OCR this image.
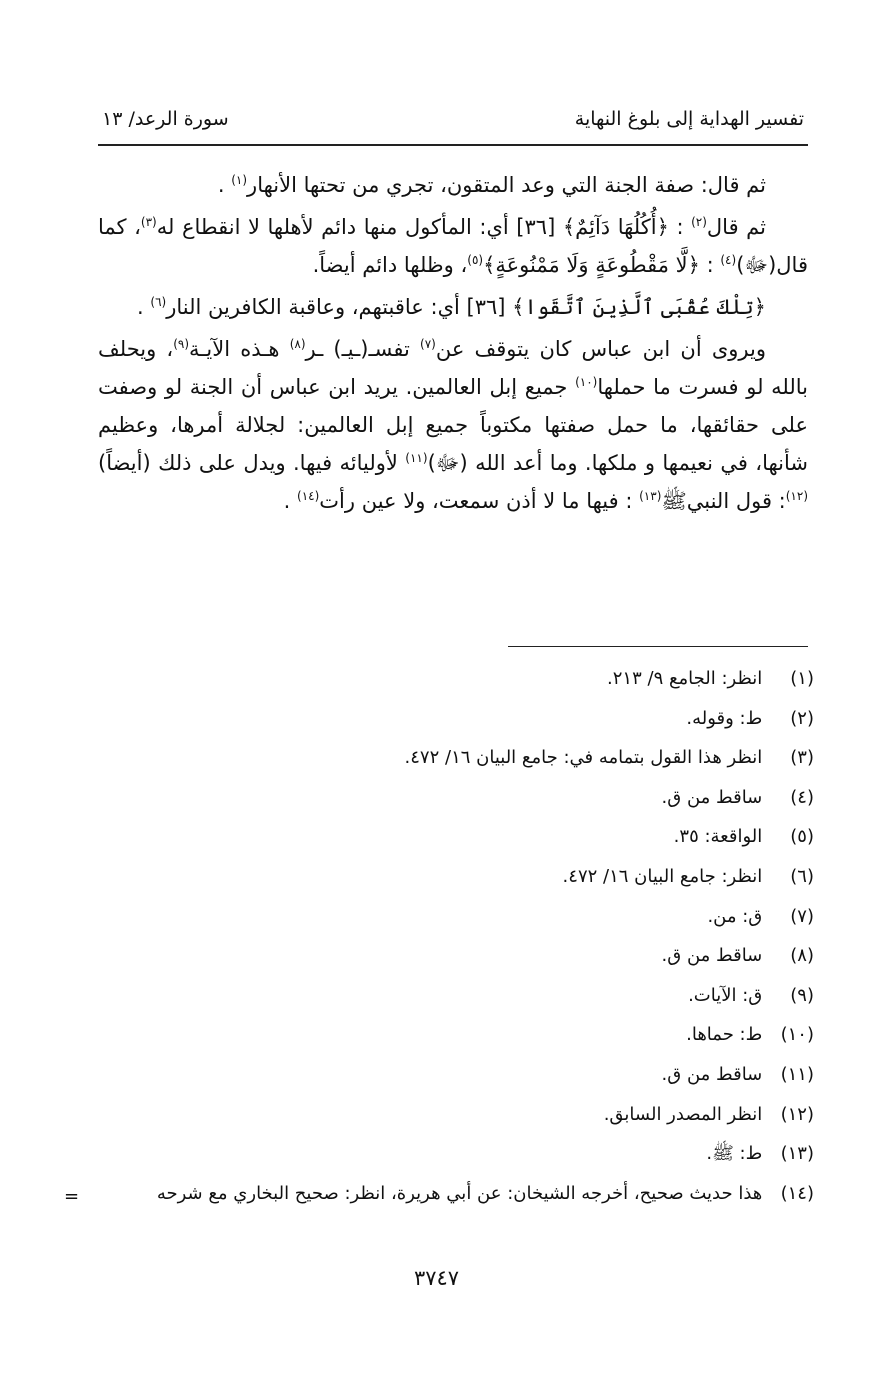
سورة الرعد/ ١٣	تفسير الهداية إلى بلوغ النهاية

ثم قال: صفة الجنة التي وعد المتقون، تجري من تحتها الأنهار$^{(١)}$ .

ثم قال$^{(٢)}$ : ﴿أُكُلُهَا دَآئِمٌ﴾ [٣٦] أي: المأكول منها دائم لأهلها لا انقطاع له$^{(٣)}$، كما قال(ﷻ)$^{(٤)}$ : ﴿لَّا مَقْطُوعَةٍ وَلَا مَمْنُوعَةٍ﴾$^{(٥)}$، وظلها دائم أيضاً.

﴿تِلْكَ عُقْبَى ٱلَّذِينَ ٱتَّقَوا﴾ [٣٦] أي: عاقبتهم، وعاقبة الكافرين النار$^{(٦)}$ .

ويروى أن ابن عباس كان يتوقف عن$^{(٧)}$ تفسـ(ـيـ) ـر$^{(٨)}$ هـذه الآيـة$^{(٩)}$، ويحلف بالله لو فسرت ما حملها$^{(١٠)}$ جميع إبل العالمين. يريد ابن عباس أن الجنة لو وصفت على حقائقها، ما حمل صفتها مكتوباً جميع إبل العالمين: لجلالة أمرها، وعظيم شأنها، في نعيمها و ملكها. وما أعد الله (ﷻ)$^{(١١)}$ لأوليائه فيها. ويدل على ذلك (أيضاً)$^{(١٢)}$: قول النبيﷺ$^{(١٣)}$ : فيها ما لا أذن سمعت، ولا عين رأت$^{(١٤)}$ .

(١) انظر: الجامع ٩/ ٢١٣.
(٢) ط: وقوله.
(٣) انظر هذا القول بتمامه في: جامع البيان ١٦/ ٤٧٢.
(٤) ساقط من ق.
(٥) الواقعة: ٣٥.
(٦) انظر: جامع البيان ١٦/ ٤٧٢.
(٧) ق: من.
(٨) ساقط من ق.
(٩) ق: الآيات.
(١٠) ط: حماها.
(١١) ساقط من ق.
(١٢) انظر المصدر السابق.
(١٣) ط: ﷺ.
(١٤) هذا حديث صحيح، أخرجه الشيخان: عن أبي هريرة، انظر: صحيح البخاري مع شرحه
=
٣٧٤٧
